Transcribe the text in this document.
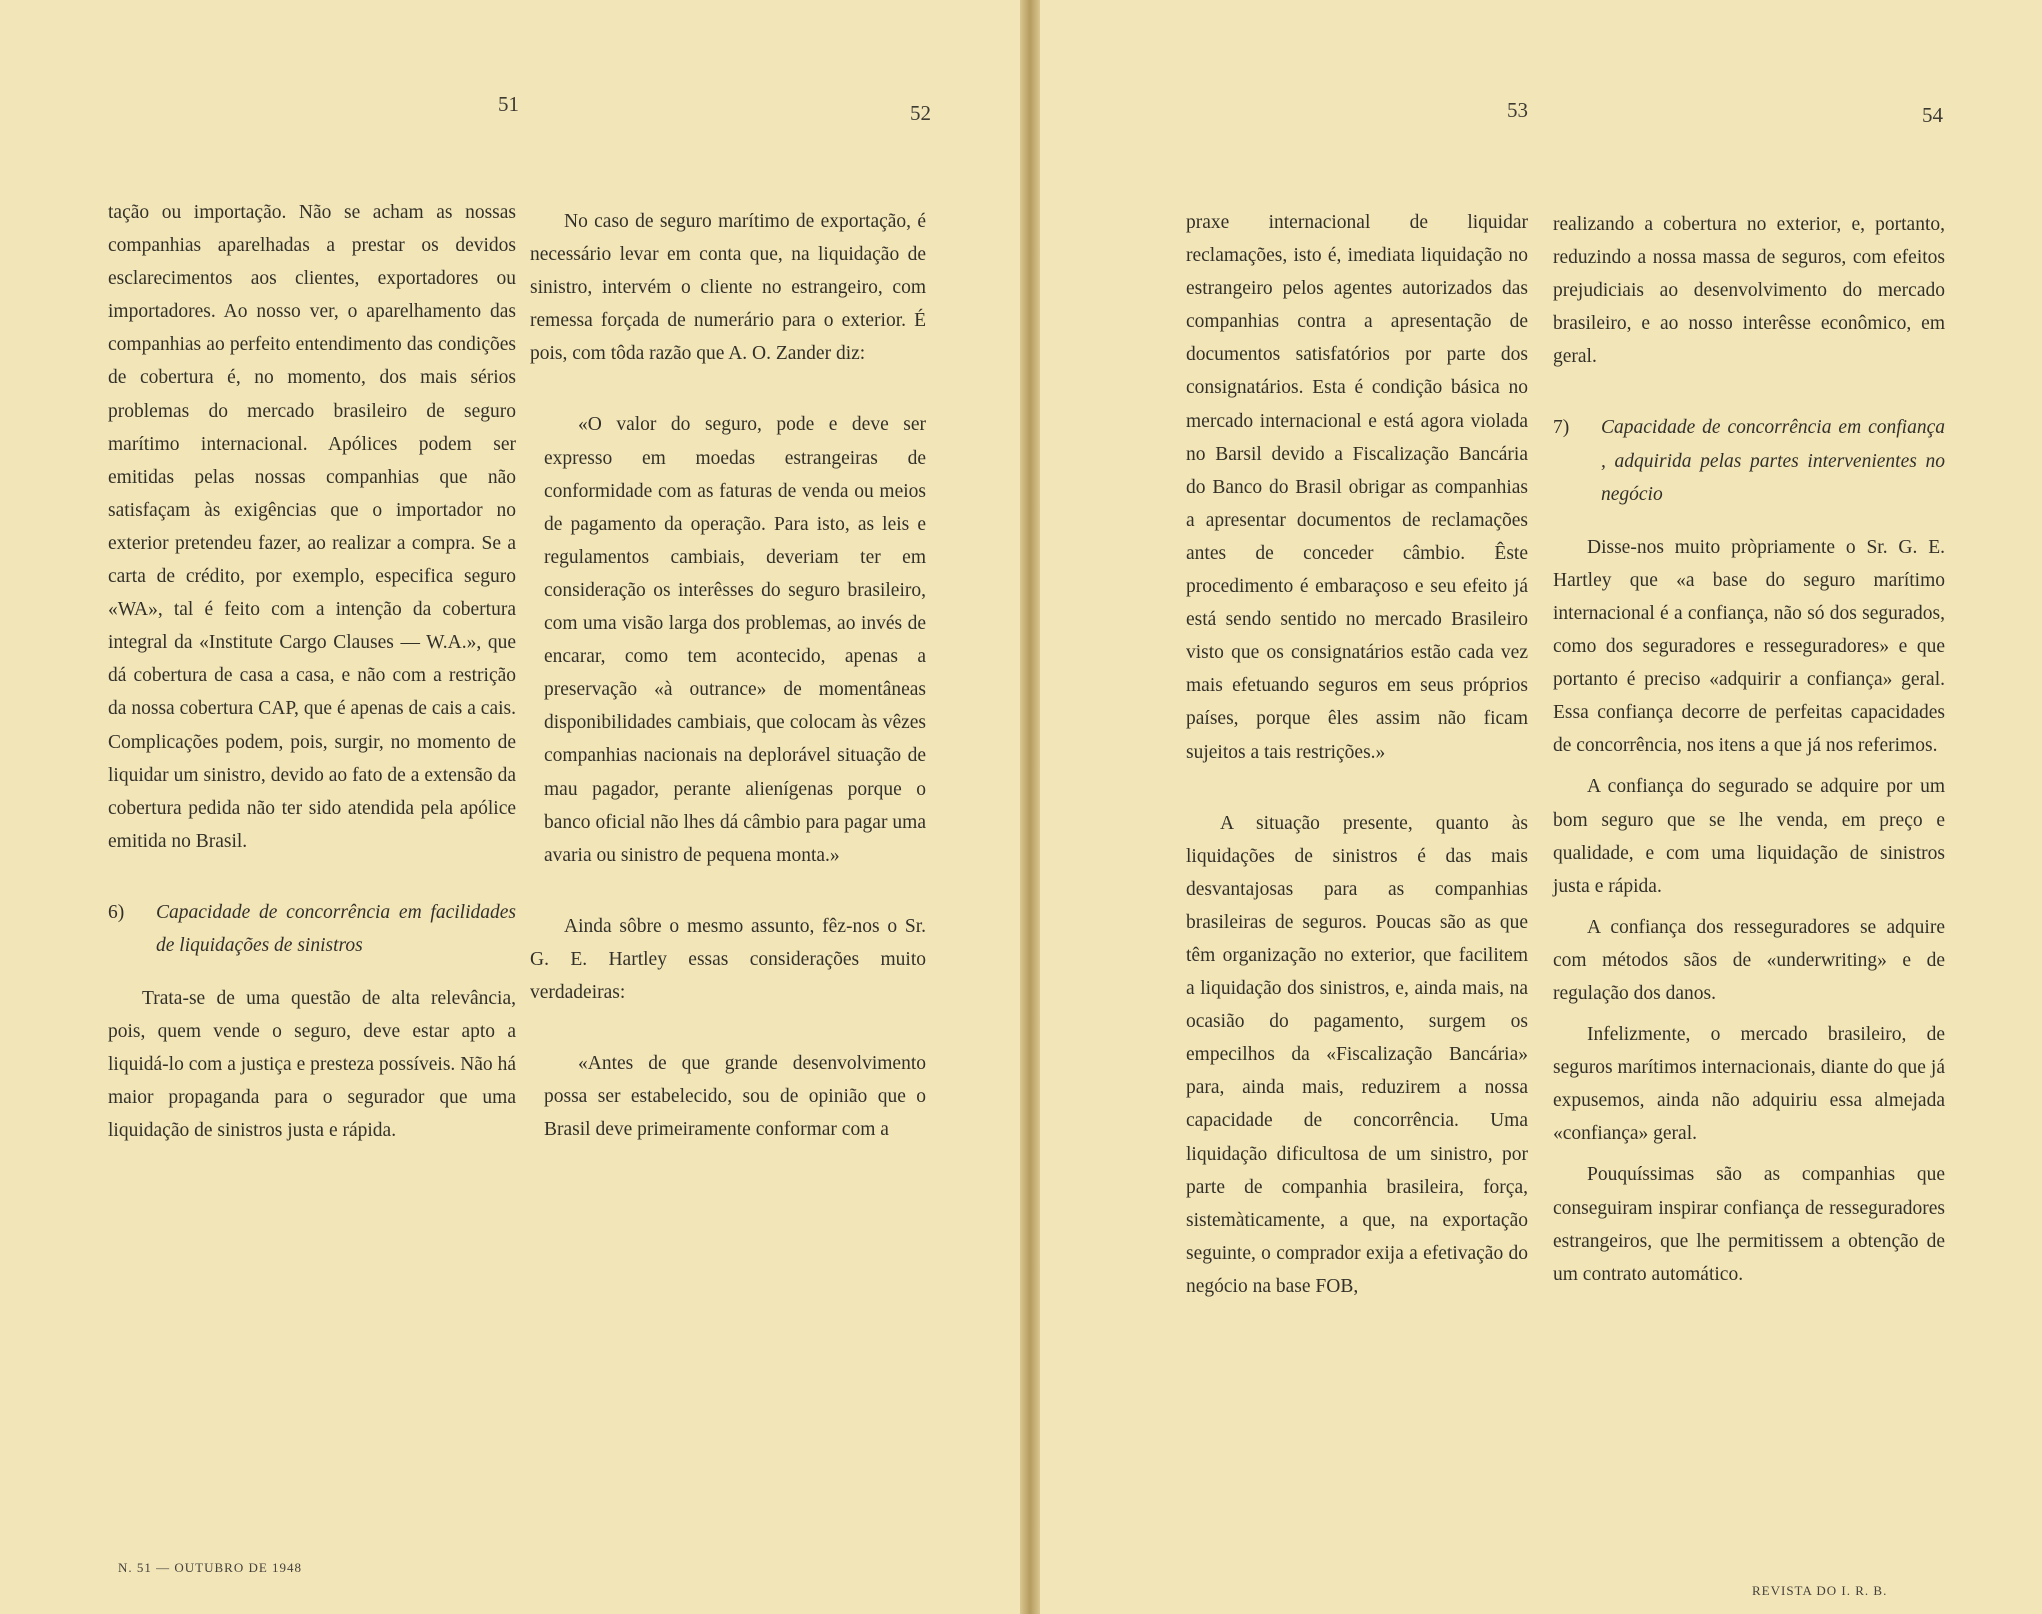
51	52	53	54

tação ou importação. Não se acham as nossas companhias aparelhadas a prestar os devidos esclarecimentos aos clientes, exportadores ou importadores. Ao nosso ver, o aparelhamento das companhias ao perfeito entendimento das condições de cobertura é, no momento, dos mais sérios problemas do mercado brasileiro de seguro marítimo internacional. Apólices podem ser emitidas pelas nossas companhias que não satisfaçam às exigências que o importador no exterior pretendeu fazer, ao realizar a compra. Se a carta de crédito, por exemplo, especifica seguro «WA», tal é feito com a intenção da cobertura integral da «Institute Cargo Clauses — W.A.», que dá cobertura de casa a casa, e não com a restrição da nossa cobertura CAP, que é apenas de cais a cais. Complicações podem, pois, surgir, no momento de liquidar um sinistro, devido ao fato de a extensão da cobertura pedida não ter sido atendida pela apólice emitida no Brasil.

6) Capacidade de concorrência em facilidades de liquidações de sinistros

Trata-se de uma questão de alta relevância, pois, quem vende o seguro, deve estar apto a liquidá-lo com a justiça e presteza possíveis. Não há maior propaganda para o segurador que uma liquidação de sinistros justa e rápida.

No caso de seguro marítimo de exportação, é necessário levar em conta que, na liquidação de sinistro, intervém o cliente no estrangeiro, com remessa forçada de numerário para o exterior. É pois, com tôda razão que A. O. Zander diz:

«O valor do seguro, pode e deve ser expresso em moedas estrangeiras de conformidade com as faturas de venda ou meios de pagamento da operação. Para isto, as leis e regulamentos cambiais, deveriam ter em consideração os interêsses do seguro brasileiro, com uma visão larga dos problemas, ao invés de encarar, como tem acontecido, apenas a preservação «à outrance» de momentâneas disponibilidades cambiais, que colocam às vêzes companhias nacionais na deplorável situação de mau pagador, perante alienígenas porque o banco oficial não lhes dá câmbio para pagar uma avaria ou sinistro de pequena monta.»

Ainda sôbre o mesmo assunto, fêz-nos o Sr. G. E. Hartley essas considerações muito verdadeiras:

«Antes de que grande desenvolvimento possa ser estabelecido, sou de opinião que o Brasil deve primeiramente conformar com a

praxe internacional de liquidar reclamações, isto é, imediata liquidação no estrangeiro pelos agentes autorizados das companhias contra a apresentação de documentos satisfatórios por parte dos consignatários. Esta é condição básica no mercado internacional e está agora violada no Barsil devido a Fiscalização Bancária do Banco do Brasil obrigar as companhias a apresentar documentos de reclamações antes de conceder câmbio. Êste procedimento é embaraçoso e seu efeito já está sendo sentido no mercado Brasileiro visto que os consignatários estão cada vez mais efetuando seguros em seus próprios países, porque êles assim não ficam sujeitos a tais restrições.»

A situação presente, quanto às liquidações de sinistros é das mais desvantajosas para as companhias brasileiras de seguros. Poucas são as que têm organização no exterior, que facilitem a liquidação dos sinistros, e, ainda mais, na ocasião do pagamento, surgem os empecilhos da «Fiscalização Bancária» para, ainda mais, reduzirem a nossa capacidade de concorrência. Uma liquidação dificultosa de um sinistro, por parte de companhia brasileira, força, sistemàticamente, a que, na exportação seguinte, o comprador exija a efetivação do negócio na base FOB,

realizando a cobertura no exterior, e, portanto, reduzindo a nossa massa de seguros, com efeitos prejudiciais ao desenvolvimento do mercado brasileiro, e ao nosso interêsse econômico, em geral.

7) Capacidade de concorrência em confiança , adquirida pelas partes intervenientes no negócio

Disse-nos muito pròpriamente o Sr. G. E. Hartley que «a base do seguro marítimo internacional é a confiança, não só dos segurados, como dos seguradores e resseguradores» e que portanto é preciso «adquirir a confiança» geral. Essa confiança decorre de perfeitas capacidades de concorrência, nos itens a que já nos referimos.

A confiança do segurado se adquire por um bom seguro que se lhe venda, em preço e qualidade, e com uma liquidação de sinistros justa e rápida.

A confiança dos resseguradores se adquire com métodos sãos de «underwriting» e de regulação dos danos.

Infelizmente, o mercado brasileiro, de seguros marítimos internacionais, diante do que já expusemos, ainda não adquiriu essa almejada «confiança» geral.

Pouquíssimas são as companhias que conseguiram inspirar confiança de resseguradores estrangeiros, que lhe permitissem a obtenção de um contrato automático.

N. 51 — OUTUBRO DE 1948
REVISTA DO I. R. B.
